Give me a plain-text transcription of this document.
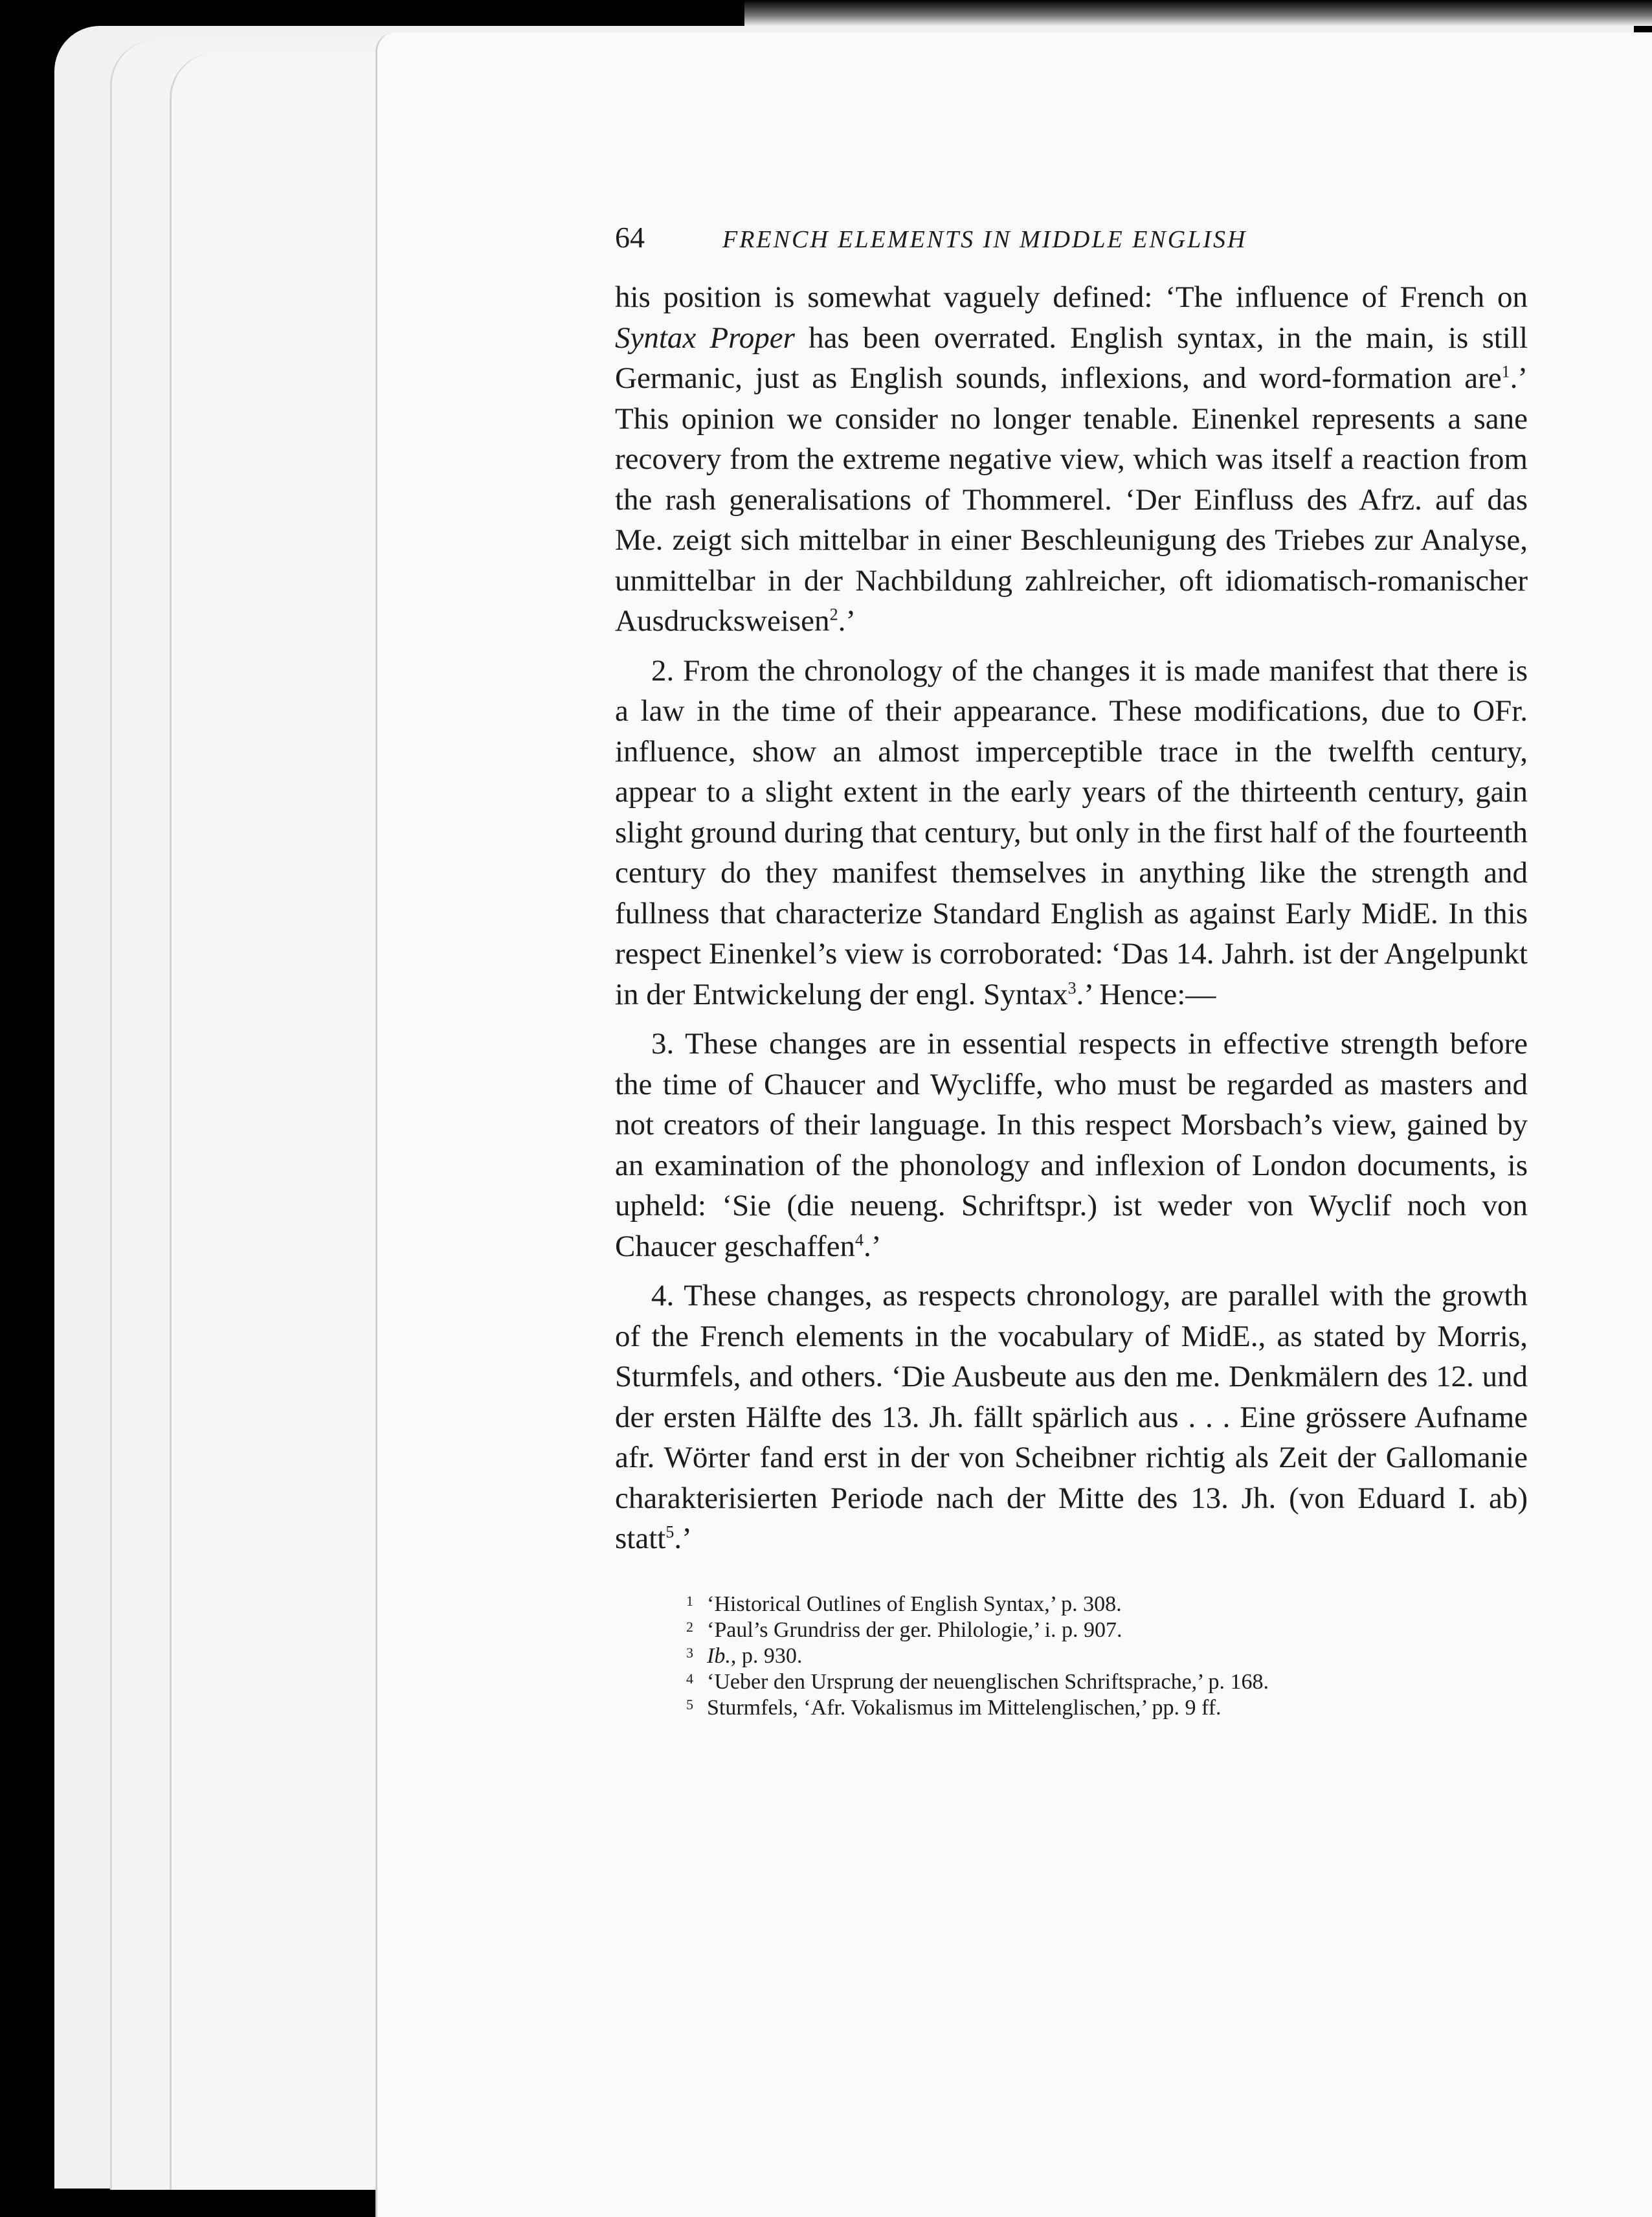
64	FRENCH ELEMENTS IN MIDDLE ENGLISH

his position is somewhat vaguely defined: ‘The influence of French on Syntax Proper has been overrated. English syntax, in the main, is still Germanic, just as English sounds, inflexions, and word-formation are$^1$.’ This opinion we consider no longer tenable. Einenkel represents a sane recovery from the extreme negative view, which was itself a reaction from the rash generalisations of Thommerel. ‘Der Einfluss des Afrz. auf das Me. zeigt sich mittelbar in einer Beschleunigung des Triebes zur Analyse, unmittelbar in der Nachbildung zahlreicher, oft idiomatisch-romanischer Ausdrucksweisen$^2$.’

2. From the chronology of the changes it is made manifest that there is a law in the time of their appearance. These modifications, due to OFr. influence, show an almost imperceptible trace in the twelfth century, appear to a slight extent in the early years of the thirteenth century, gain slight ground during that century, but only in the first half of the fourteenth century do they manifest themselves in anything like the strength and fullness that characterize Standard English as against Early MidE. In this respect Einenkel’s view is corroborated: ‘Das 14. Jahrh. ist der Angelpunkt in der Entwickelung der engl. Syntax$^3$.’ Hence:—

3. These changes are in essential respects in effective strength before the time of Chaucer and Wycliffe, who must be regarded as masters and not creators of their language. In this respect Morsbach’s view, gained by an examination of the phonology and inflexion of London documents, is upheld: ‘Sie (die neueng. Schriftspr.) ist weder von Wyclif noch von Chaucer geschaffen$^4$.’

4. These changes, as respects chronology, are parallel with the growth of the French elements in the vocabulary of MidE., as stated by Morris, Sturmfels, and others. ‘Die Ausbeute aus den me. Denkmälern des 12. und der ersten Hälfte des 13. Jh. fällt spärlich aus . . . Eine grössere Aufname afr. Wörter fand erst in der von Scheibner richtig als Zeit der Gallomanie charakterisierten Periode nach der Mitte des 13. Jh. (von Eduard I. ab) statt$^5$.’

1 ‘Historical Outlines of English Syntax,’ p. 308.
2 ‘Paul’s Grundriss der ger. Philologie,’ i. p. 907.
3 Ib., p. 930.
4 ‘Ueber den Ursprung der neuenglischen Schriftsprache,’ p. 168.
5 Sturmfels, ‘Afr. Vokalismus im Mittelenglischen,’ pp. 9 ff.
